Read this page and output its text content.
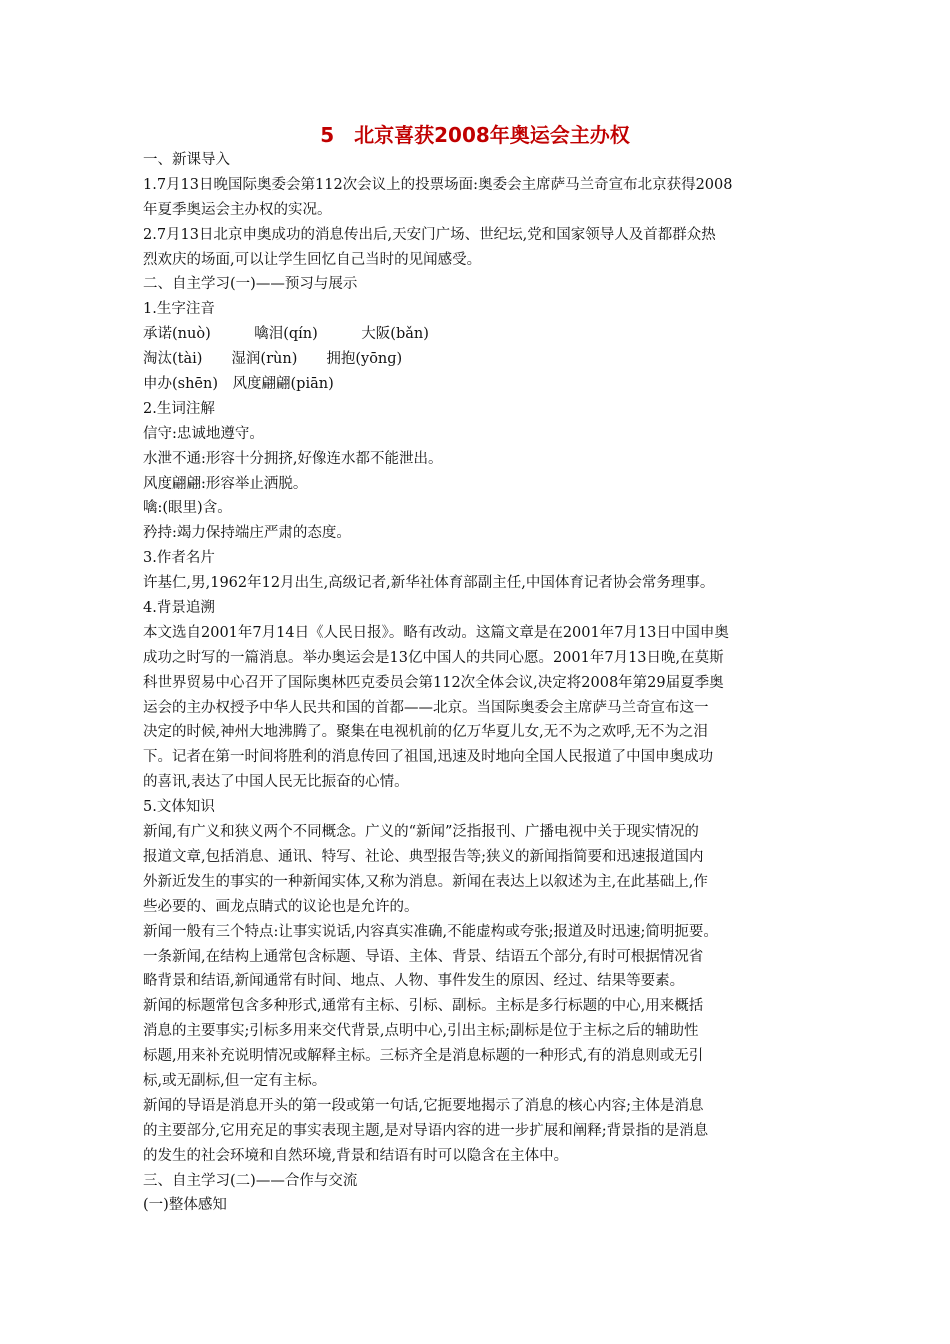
5　北京喜获2008年奥运会主办权
一、新课导入
1.7月13日晚国际奥委会第112次会议上的投票场面:奥委会主席萨马兰奇宣布北京获得2008
年夏季奥运会主办权的实况。
2.7月13日北京申奥成功的消息传出后,天安门广场、世纪坛,党和国家领导人及首都群众热
烈欢庆的场面,可以让学生回忆自己当时的见闻感受。
二、自主学习(一)——预习与展示
1.生字注音
承诺(nuò)　　　噙泪(qín)　　　大阪(bǎn)
淘汰(tài)　　湿润(rùn)　　拥抱(yōnɡ)
申办(shēn)　风度翩翩(piān)
2.生词注解
信守:忠诚地遵守。
水泄不通:形容十分拥挤,好像连水都不能泄出。
风度翩翩:形容举止洒脱。
噙:(眼里)含。
矜持:竭力保持端庄严肃的态度。
3.作者名片
许基仁,男,1962年12月出生,高级记者,新华社体育部副主任,中国体育记者协会常务理事。
4.背景追溯
本文选自2001年7月14日《人民日报》。略有改动。这篇文章是在2001年7月13日中国申奥
成功之时写的一篇消息。举办奥运会是13亿中国人的共同心愿。2001年7月13日晚,在莫斯
科世界贸易中心召开了国际奥林匹克委员会第112次全体会议,决定将2008年第29届夏季奥
运会的主办权授予中华人民共和国的首都——北京。当国际奥委会主席萨马兰奇宣布这一
决定的时候,神州大地沸腾了。聚集在电视机前的亿万华夏儿女,无不为之欢呼,无不为之泪
下。记者在第一时间将胜利的消息传回了祖国,迅速及时地向全国人民报道了中国申奥成功
的喜讯,表达了中国人民无比振奋的心情。
5.文体知识
新闻,有广义和狭义两个不同概念。广义的“新闻”泛指报刊、广播电视中关于现实情况的
报道文章,包括消息、通讯、特写、社论、典型报告等;狭义的新闻指简要和迅速报道国内
外新近发生的事实的一种新闻实体,又称为消息。新闻在表达上以叙述为主,在此基础上,作
些必要的、画龙点睛式的议论也是允许的。
新闻一般有三个特点:让事实说话,内容真实准确,不能虚构或夸张;报道及时迅速;简明扼要。
一条新闻,在结构上通常包含标题、导语、主体、背景、结语五个部分,有时可根据情况省
略背景和结语,新闻通常有时间、地点、人物、事件发生的原因、经过、结果等要素。
新闻的标题常包含多种形式,通常有主标、引标、副标。主标是多行标题的中心,用来概括
消息的主要事实;引标多用来交代背景,点明中心,引出主标;副标是位于主标之后的辅助性
标题,用来补充说明情况或解释主标。三标齐全是消息标题的一种形式,有的消息则或无引
标,或无副标,但一定有主标。
新闻的导语是消息开头的第一段或第一句话,它扼要地揭示了消息的核心内容;主体是消息
的主要部分,它用充足的事实表现主题,是对导语内容的进一步扩展和阐释;背景指的是消息
的发生的社会环境和自然环境,背景和结语有时可以隐含在主体中。
三、自主学习(二)——合作与交流
(一)整体感知
